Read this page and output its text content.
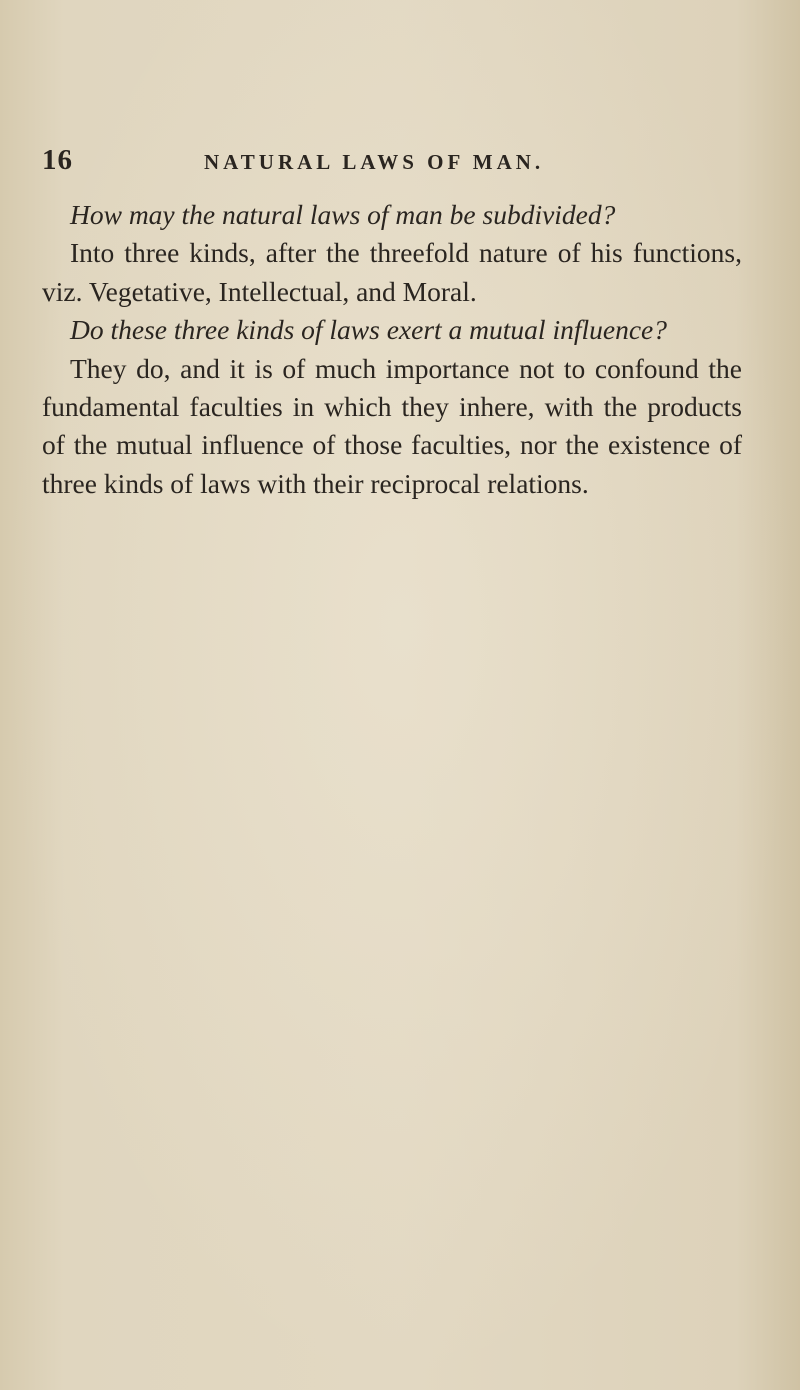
16	NATURAL LAWS OF MAN.

How may the natural laws of man be subdivided?

Into three kinds, after the threefold nature of his functions, viz. Vegetative, Intellectual, and Moral.

Do these three kinds of laws exert a mutual influence?

They do, and it is of much importance not to confound the fundamental faculties in which they inhere, with the products of the mutual influence of those faculties, nor the existence of three kinds of laws with their reciprocal relations.
